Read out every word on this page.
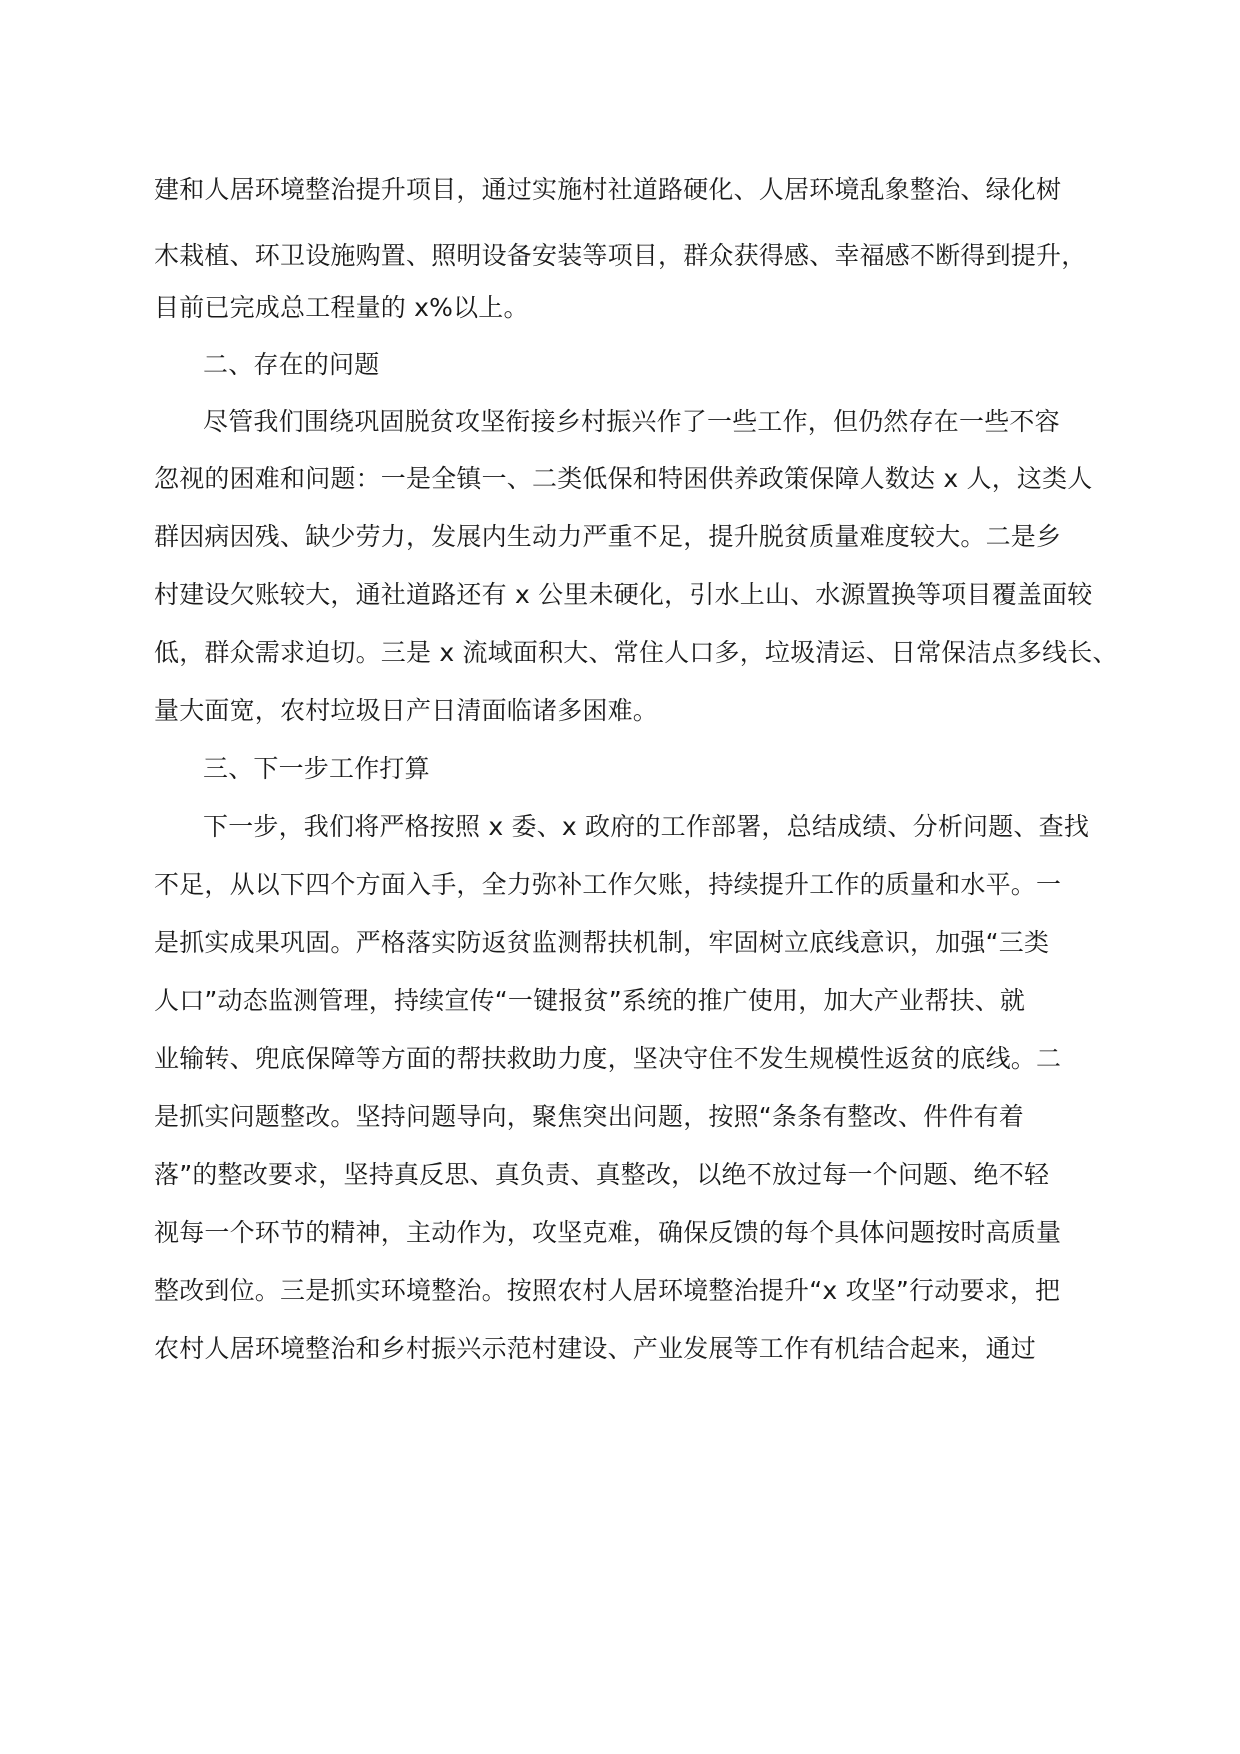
建和人居环境整治提升项目，通过实施村社道路硬化、人居环境乱象整治、绿化树
木栽植、环卫设施购置、照明设备安装等项目，群众获得感、幸福感不断得到提升，
目前已完成总工程量的 x%以上。
二、存在的问题
尽管我们围绕巩固脱贫攻坚衔接乡村振兴作了一些工作，但仍然存在一些不容
忽视的困难和问题：一是全镇一、二类低保和特困供养政策保障人数达 x 人，这类人
群因病因残、缺少劳力，发展内生动力严重不足，提升脱贫质量难度较大。二是乡
村建设欠账较大，通社道路还有 x 公里未硬化，引水上山、水源置换等项目覆盖面较
低，群众需求迫切。三是 x 流域面积大、常住人口多，垃圾清运、日常保洁点多线长、
量大面宽，农村垃圾日产日清面临诸多困难。
三、下一步工作打算
下一步，我们将严格按照 x 委、x 政府的工作部署，总结成绩、分析问题、查找
不足，从以下四个方面入手，全力弥补工作欠账，持续提升工作的质量和水平。一
是抓实成果巩固。严格落实防返贫监测帮扶机制，牢固树立底线意识，加强“三类
人口”动态监测管理，持续宣传“一键报贫”系统的推广使用，加大产业帮扶、就
业输转、兜底保障等方面的帮扶救助力度，坚决守住不发生规模性返贫的底线。二
是抓实问题整改。坚持问题导向，聚焦突出问题，按照“条条有整改、件件有着
落”的整改要求，坚持真反思、真负责、真整改，以绝不放过每一个问题、绝不轻
视每一个环节的精神，主动作为，攻坚克难，确保反馈的每个具体问题按时高质量
整改到位。三是抓实环境整治。按照农村人居环境整治提升“x 攻坚”行动要求，把
农村人居环境整治和乡村振兴示范村建设、产业发展等工作有机结合起来，通过
